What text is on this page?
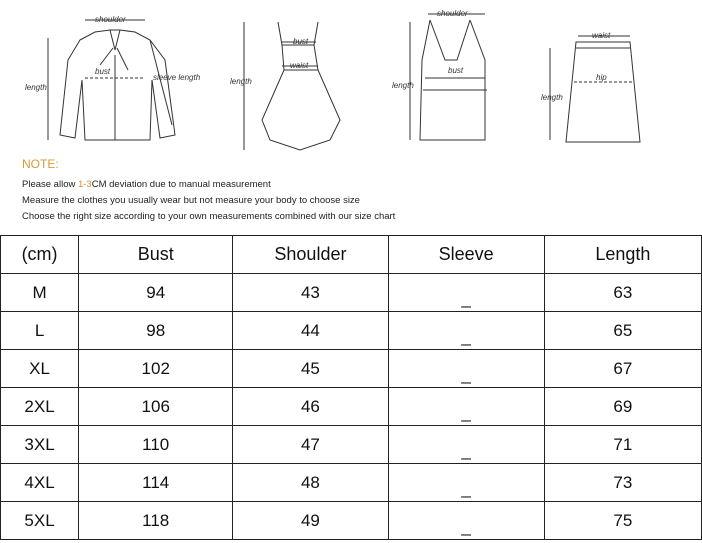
shoulder
bust
length
sleeve length
bust
waist
length
shoulder
bust
length
waist
hip
length
NOTE:
Please allow 1-3CM deviation due to manual measurement
Measure the clothes you usually wear but not measure your body to choose size
Choose the right size according to your own measurements combined with our size chart
(cm)	Bust	Shoulder	Sleeve	Length
M	94	43	_	63
L	98	44	_	65
XL	102	45	_	67
2XL	106	46	_	69
3XL	110	47	_	71
4XL	114	48	_	73
5XL	118	49	_	75
